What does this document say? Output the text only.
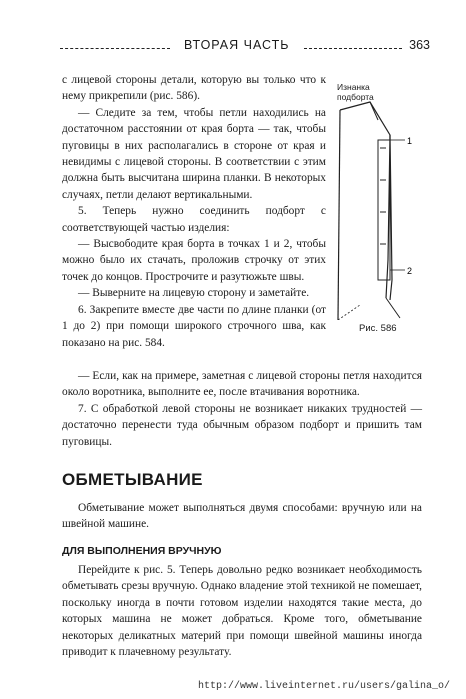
ВТОРАЯ ЧАСТЬ	363

с лицевой стороны детали, которую вы только что к нему прикрепили (рис. 586).

— Следите за тем, чтобы петли находились на достаточном расстоянии от края борта — так, чтобы пуговицы в них располагались в стороне от края и невидимы с лицевой стороны. В соответствии с этим должна быть высчитана ширина планки. В некоторых случаях, петли делают вертикальными.

5. Теперь нужно соединить подборт с соответствующей частью изделия:

— Высвободите края борта в точках 1 и 2, чтобы можно было их стачать, проложив строчку от этих точек до концов. Прострочите и разутюжьте швы.

— Выверните на лицевую сторону и заметайте.

6. Закрепите вместе две части по длине планки (от 1 до 2) при помощи широкого строчного шва, как показано на рис. 584.

— Если, как на примере, заметная с лицевой стороны петля находится около воротника, выполните ее, после втачивания воротника.

7. С обработкой левой стороны не возникает никаких трудностей — достаточно перенести туда обычным образом подборт и пришить там пуговицы.

Изнанка подборта
1
2
Рис. 586
ОБМЕТЫВАНИЕ

Обметывание может выполняться двумя способами: вручную или на швейной машине.

ДЛЯ ВЫПОЛНЕНИЯ ВРУЧНУЮ

Перейдите к рис. 5. Теперь довольно редко возникает необходимость обметывать срезы вручную. Однако владение этой техникой не помешает, поскольку иногда в почти готовом изделии находятся такие места, до которых машина не может добраться. Кроме того, обметывание некоторых деликатных материй при помощи швейной машины иногда приводит к плачевному результату.

http://www.liveinternet.ru/users/galina_o/
